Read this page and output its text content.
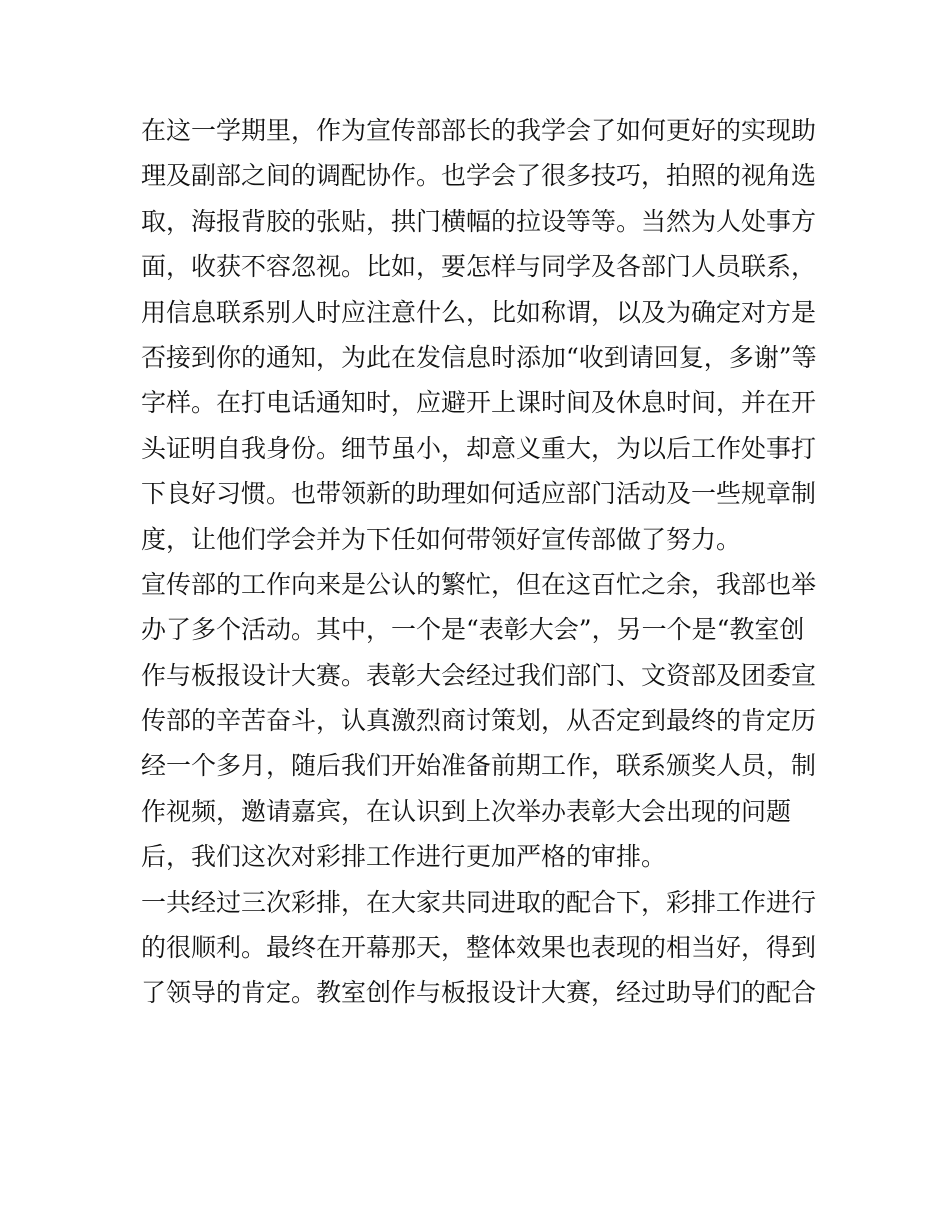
在这一学期里，作为宣传部部长的我学会了如何更好的实现助
理及副部之间的调配协作。也学会了很多技巧，拍照的视角选
取，海报背胶的张贴，拱门横幅的拉设等等。当然为人处事方
面，收获不容忽视。比如，要怎样与同学及各部门人员联系，
用信息联系别人时应注意什么，比如称谓，以及为确定对方是
否接到你的通知，为此在发信息时添加“收到请回复，多谢”等
字样。在打电话通知时，应避开上课时间及休息时间，并在开
头证明自我身份。细节虽小，却意义重大，为以后工作处事打
下良好习惯。也带领新的助理如何适应部门活动及一些规章制
度，让他们学会并为下任如何带领好宣传部做了努力。
宣传部的工作向来是公认的繁忙，但在这百忙之余，我部也举
办了多个活动。其中，一个是“表彰大会”，另一个是“教室创
作与板报设计大赛。表彰大会经过我们部门、文资部及团委宣
传部的辛苦奋斗，认真激烈商讨策划，从否定到最终的肯定历
经一个多月，随后我们开始准备前期工作，联系颁奖人员，制
作视频，邀请嘉宾，在认识到上次举办表彰大会出现的问题
后，我们这次对彩排工作进行更加严格的审排。
一共经过三次彩排，在大家共同进取的配合下，彩排工作进行
的很顺利。最终在开幕那天，整体效果也表现的相当好，得到
了领导的肯定。教室创作与板报设计大赛，经过助导们的配合
